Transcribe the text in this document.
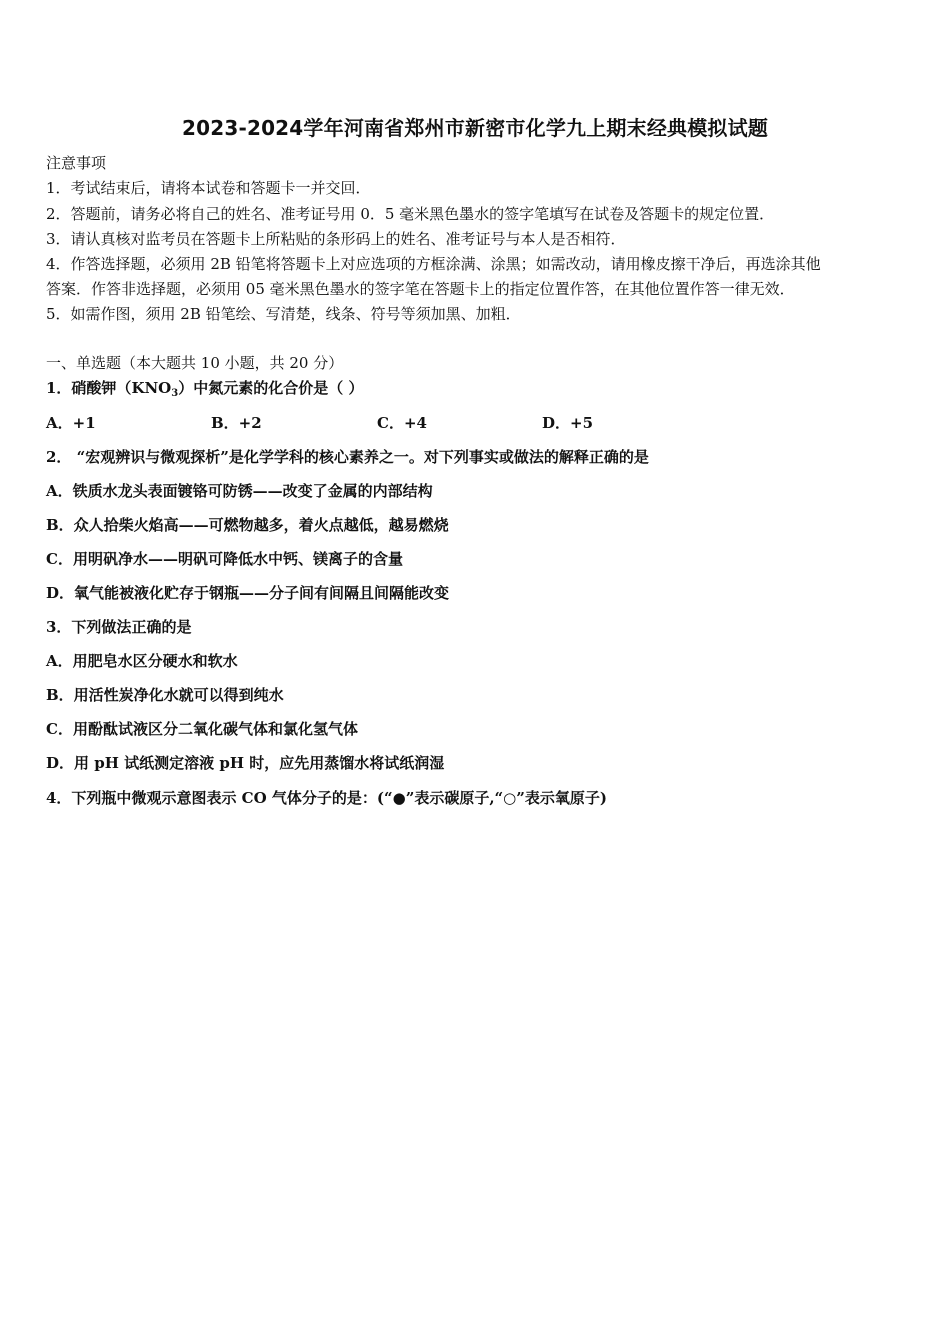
2023-2024学年河南省郑州市新密市化学九上期末经典模拟试题
注意事项
1．考试结束后，请将本试卷和答题卡一并交回．
2．答题前，请务必将自己的姓名、准考证号用 0．5 毫米黑色墨水的签字笔填写在试卷及答题卡的规定位置．
3．请认真核对监考员在答题卡上所粘贴的条形码上的姓名、准考证号与本人是否相符．
4．作答选择题，必须用 2B 铅笔将答题卡上对应选项的方框涂满、涂黑；如需改动，请用橡皮擦干净后，再选涂其他
答案．作答非选择题，必须用 05 毫米黑色墨水的签字笔在答题卡上的指定位置作答，在其他位置作答一律无效．
5．如需作图，须用 2B 铅笔绘、写清楚，线条、符号等须加黑、加粗．
一、单选题（本大题共 10 小题，共 20 分）
1．硝酸钾$(KNO_3)$中氮元素的化合价是（ ）
A．+1	B．+2	C．+4	D．+5
2． “宏观辨识与微观探析”是化学学科的核心素养之一。对下列事实或做法的解释正确的是
A．铁质水龙头表面镀铬可防锈——改变了金属的内部结构
B．众人拾柴火焰高——可燃物越多，着火点越低，越易燃烧
C．用明矾净水——明矾可降低水中钙、镁离子的含量
D．氧气能被液化贮存于钢瓶——分子间有间隔且间隔能改变
3．下列做法正确的是
A．用肥皂水区分硬水和软水
B．用活性炭净化水就可以得到纯水
C．用酚酞试液区分二氧化碳气体和氯化氢气体
D．用 pH 试纸测定溶液 pH 时，应先用蒸馏水将试纸润湿
4．下列瓶中微观示意图表示 CO 气体分子的是：(“●”表示碳原子,“○”表示氧原子)
